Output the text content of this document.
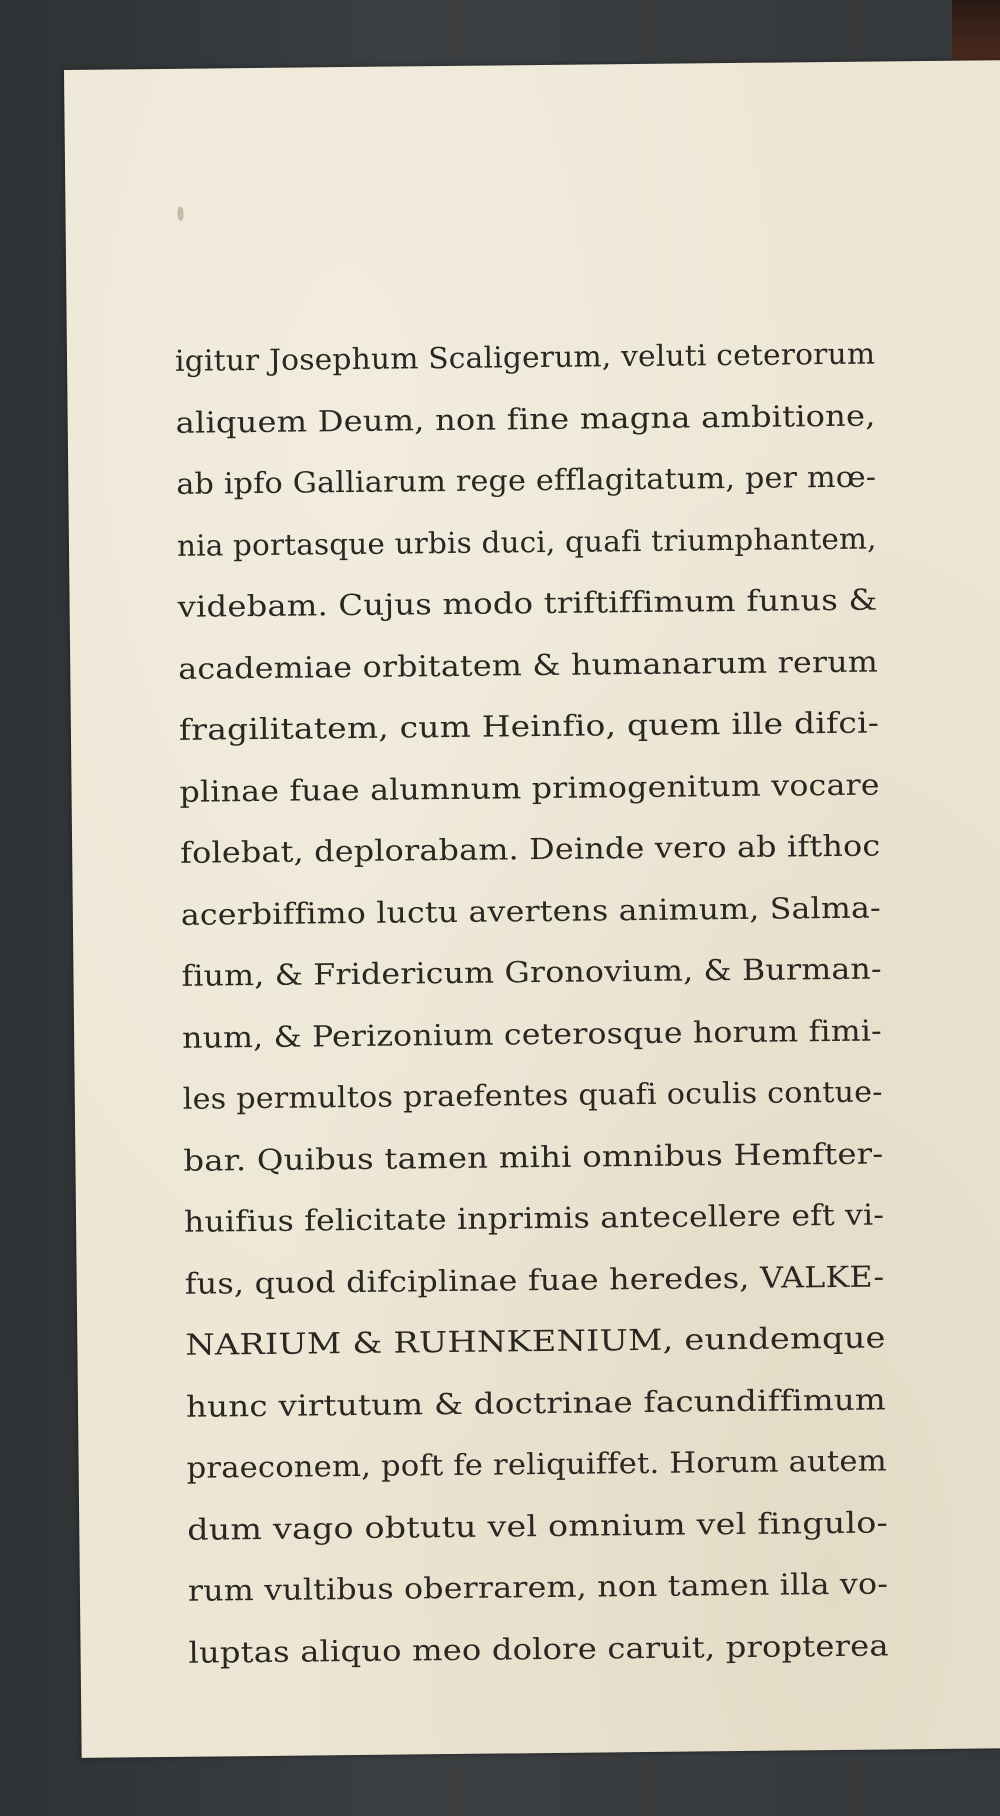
igitur Josephum Scaligerum, veluti ceterorum
aliquem Deum, non fine magna ambitione,
ab ipfo Galliarum rege efflagitatum, per mœ-
nia portasque urbis duci, quafi triumphantem,
videbam. Cujus modo triftiffimum funus &
academiae orbitatem & humanarum rerum
fragilitatem, cum Heinfio, quem ille difci-
plinae fuae alumnum primogenitum vocare
folebat, deplorabam. Deinde vero ab ifthoc
acerbiffimo luctu avertens animum, Salma-
fium, & Fridericum Gronovium, & Burman-
num, & Perizonium ceterosque horum fimi-
les permultos praefentes quafi oculis contue-
bar. Quibus tamen mihi omnibus Hemfter-
huifius felicitate inprimis antecellere eft vi-
fus, quod difciplinae fuae heredes, VALKE-
NARIUM & RUHNKENIUM, eundemque
hunc virtutum & doctrinae facundiffimum
praeconem, poft fe reliquiffet. Horum autem
dum vago obtutu vel omnium vel fingulo-
rum vultibus oberrarem, non tamen illa vo-
luptas aliquo meo dolore caruit, propterea
